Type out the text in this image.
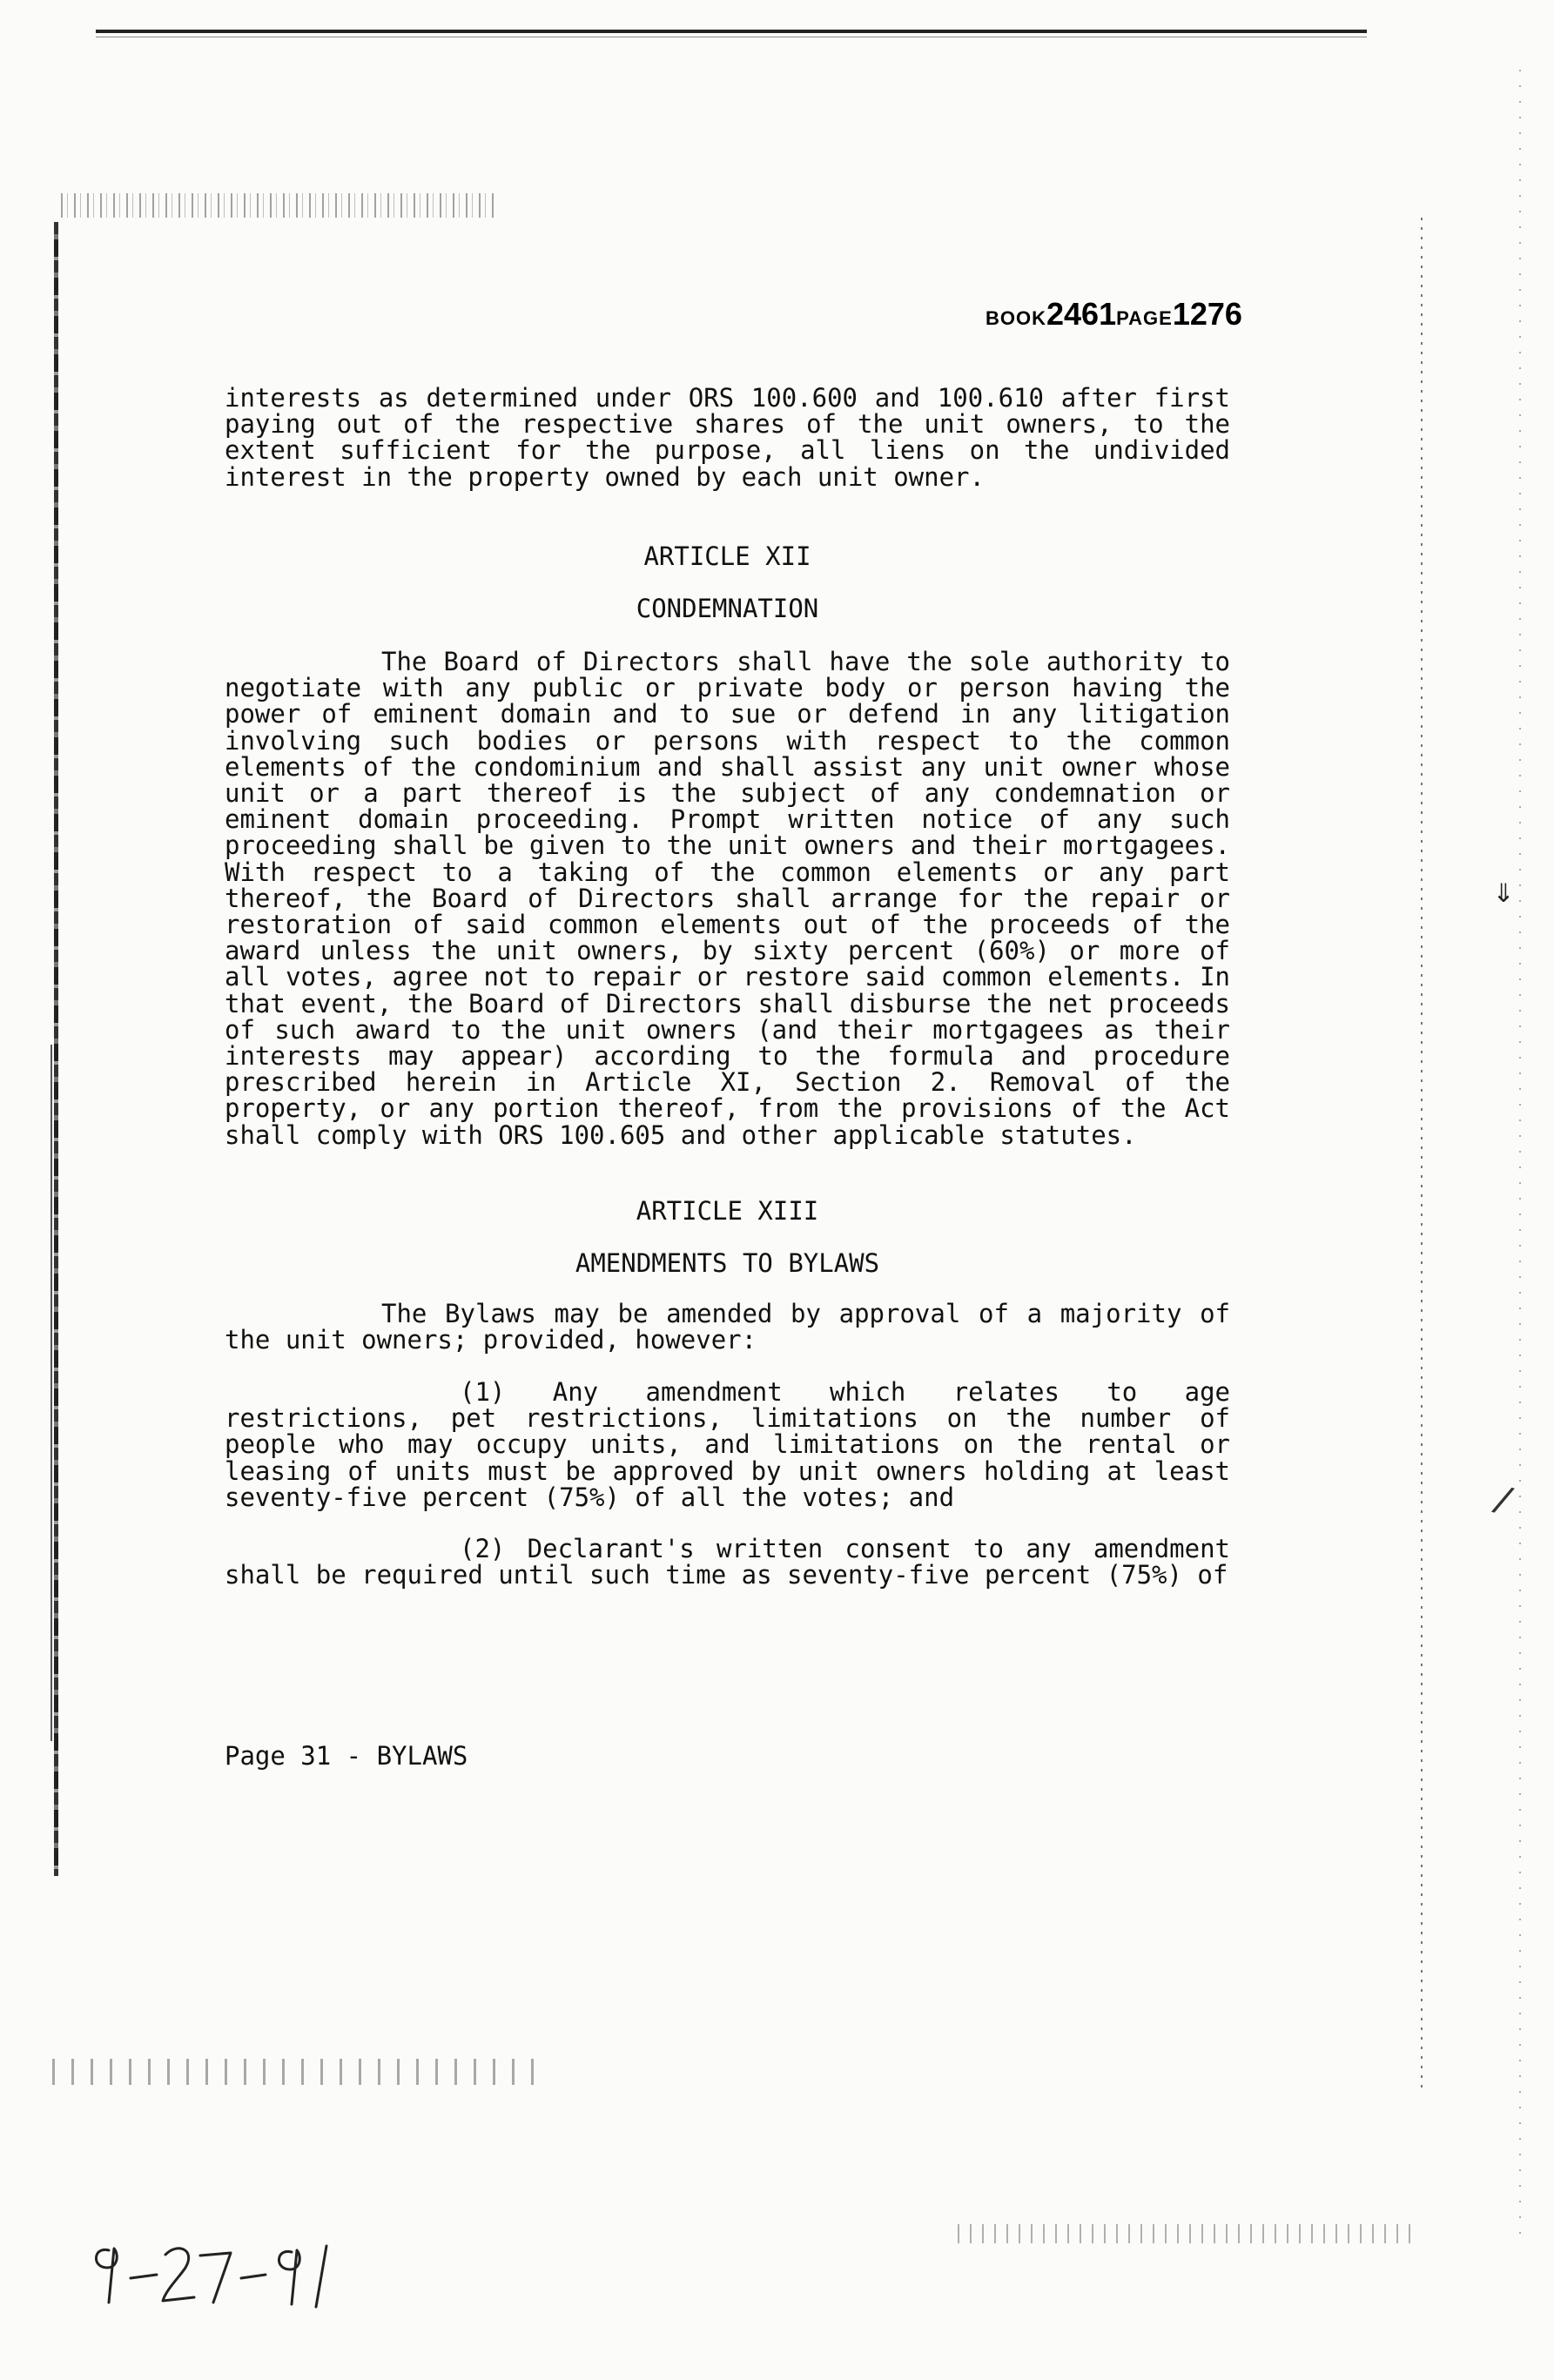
⇓
/
BOOK2461PAGE1276
interests as determined under ORS 100.600 and 100.610 after first paying out of the respective shares of the unit owners, to the extent sufficient for the purpose, all liens on the undivided interest in the property owned by each unit owner.
ARTICLE XII
CONDEMNATION
The Board of Directors shall have the sole authority to negotiate with any public or private body or person having the power of eminent domain and to sue or defend in any litigation involving such bodies or persons with respect to the common elements of the condominium and shall assist any unit owner whose unit or a part thereof is the subject of any condemnation or eminent domain proceeding. Prompt written notice of any such proceeding shall be given to the unit owners and their mortgagees. With respect to a taking of the common elements or any part thereof, the Board of Directors shall arrange for the repair or restoration of said common elements out of the proceeds of the award unless the unit owners, by sixty percent (60%) or more of all votes, agree not to repair or restore said common elements. In that event, the Board of Directors shall disburse the net proceeds of such award to the unit owners (and their mortgagees as their interests may appear) according to the formula and procedure prescribed herein in Article XI, Section 2. Removal of the property, or any portion thereof, from the provisions of the Act shall comply with ORS 100.605 and other applicable statutes.
ARTICLE XIII
AMENDMENTS TO BYLAWS
The Bylaws may be amended by approval of a majority of the unit owners; provided, however:
(1) Any amendment which relates to age restrictions, pet restrictions, limitations on the number of people who may occupy units, and limitations on the rental or leasing of units must be approved by unit owners holding at least seventy-five percent (75%) of all the votes; and
(2) Declarant's written consent to any amendment shall be required until such time as seventy-five percent (75%) of
Page 31 - BYLAWS
